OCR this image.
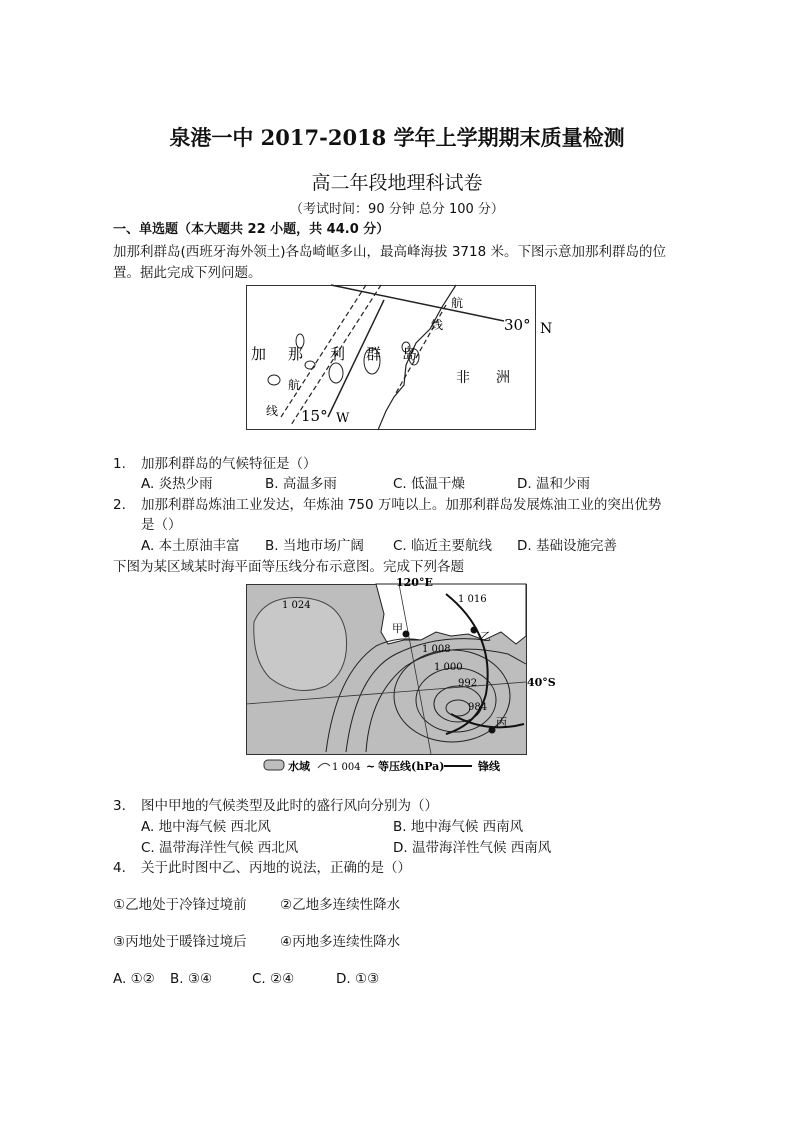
泉港一中 2017-2018 学年上学期期末质量检测
高二年段地理科试卷
（考试时间：90 分钟 总分 100 分）
一、单选题（本大题共 22 小题，共 44.0 分）
加那利群岛(西班牙海外领土)各岛崎岖多山，最高峰海拔 3718 米。下图示意加那利群岛的位
置。据此完成下列问题。
加 那 利 群 岛
非 洲
航
线
航
线
30° N
15° W
1. 加那利群岛的气候特征是（）
A. 炎热少雨	B. 高温多雨	C. 低温干燥	D. 温和少雨
2. 加那利群岛炼油工业发达，年炼油 750 万吨以上。加那利群岛发展炼油工业的突出优势
是（）
A. 本土原油丰富 B. 当地市场广阔 C. 临近主要航线 D. 基础设施完善
下图为某区域某时海平面等压线分布示意图。完成下列各题
120°E
40°S
1 024
1 016
1 008
1 000
992
984
甲
乙
丙
水域 1 004 ~ 等压线(hPa)	锋线
3. 图中甲地的气候类型及此时的盛行风向分别为（）
A. 地中海气候 西北风	B. 地中海气候 西南风
C. 温带海洋性气候 西北风	D. 温带海洋性气候 西南风
4. 关于此时图中乙、丙地的说法，正确的是（）
①乙地处于冷锋过境前 ②乙地多连续性降水
③丙地处于暖锋过境后 ④丙地多连续性降水
A. ①② B. ③④	C. ②④	D. ①③
